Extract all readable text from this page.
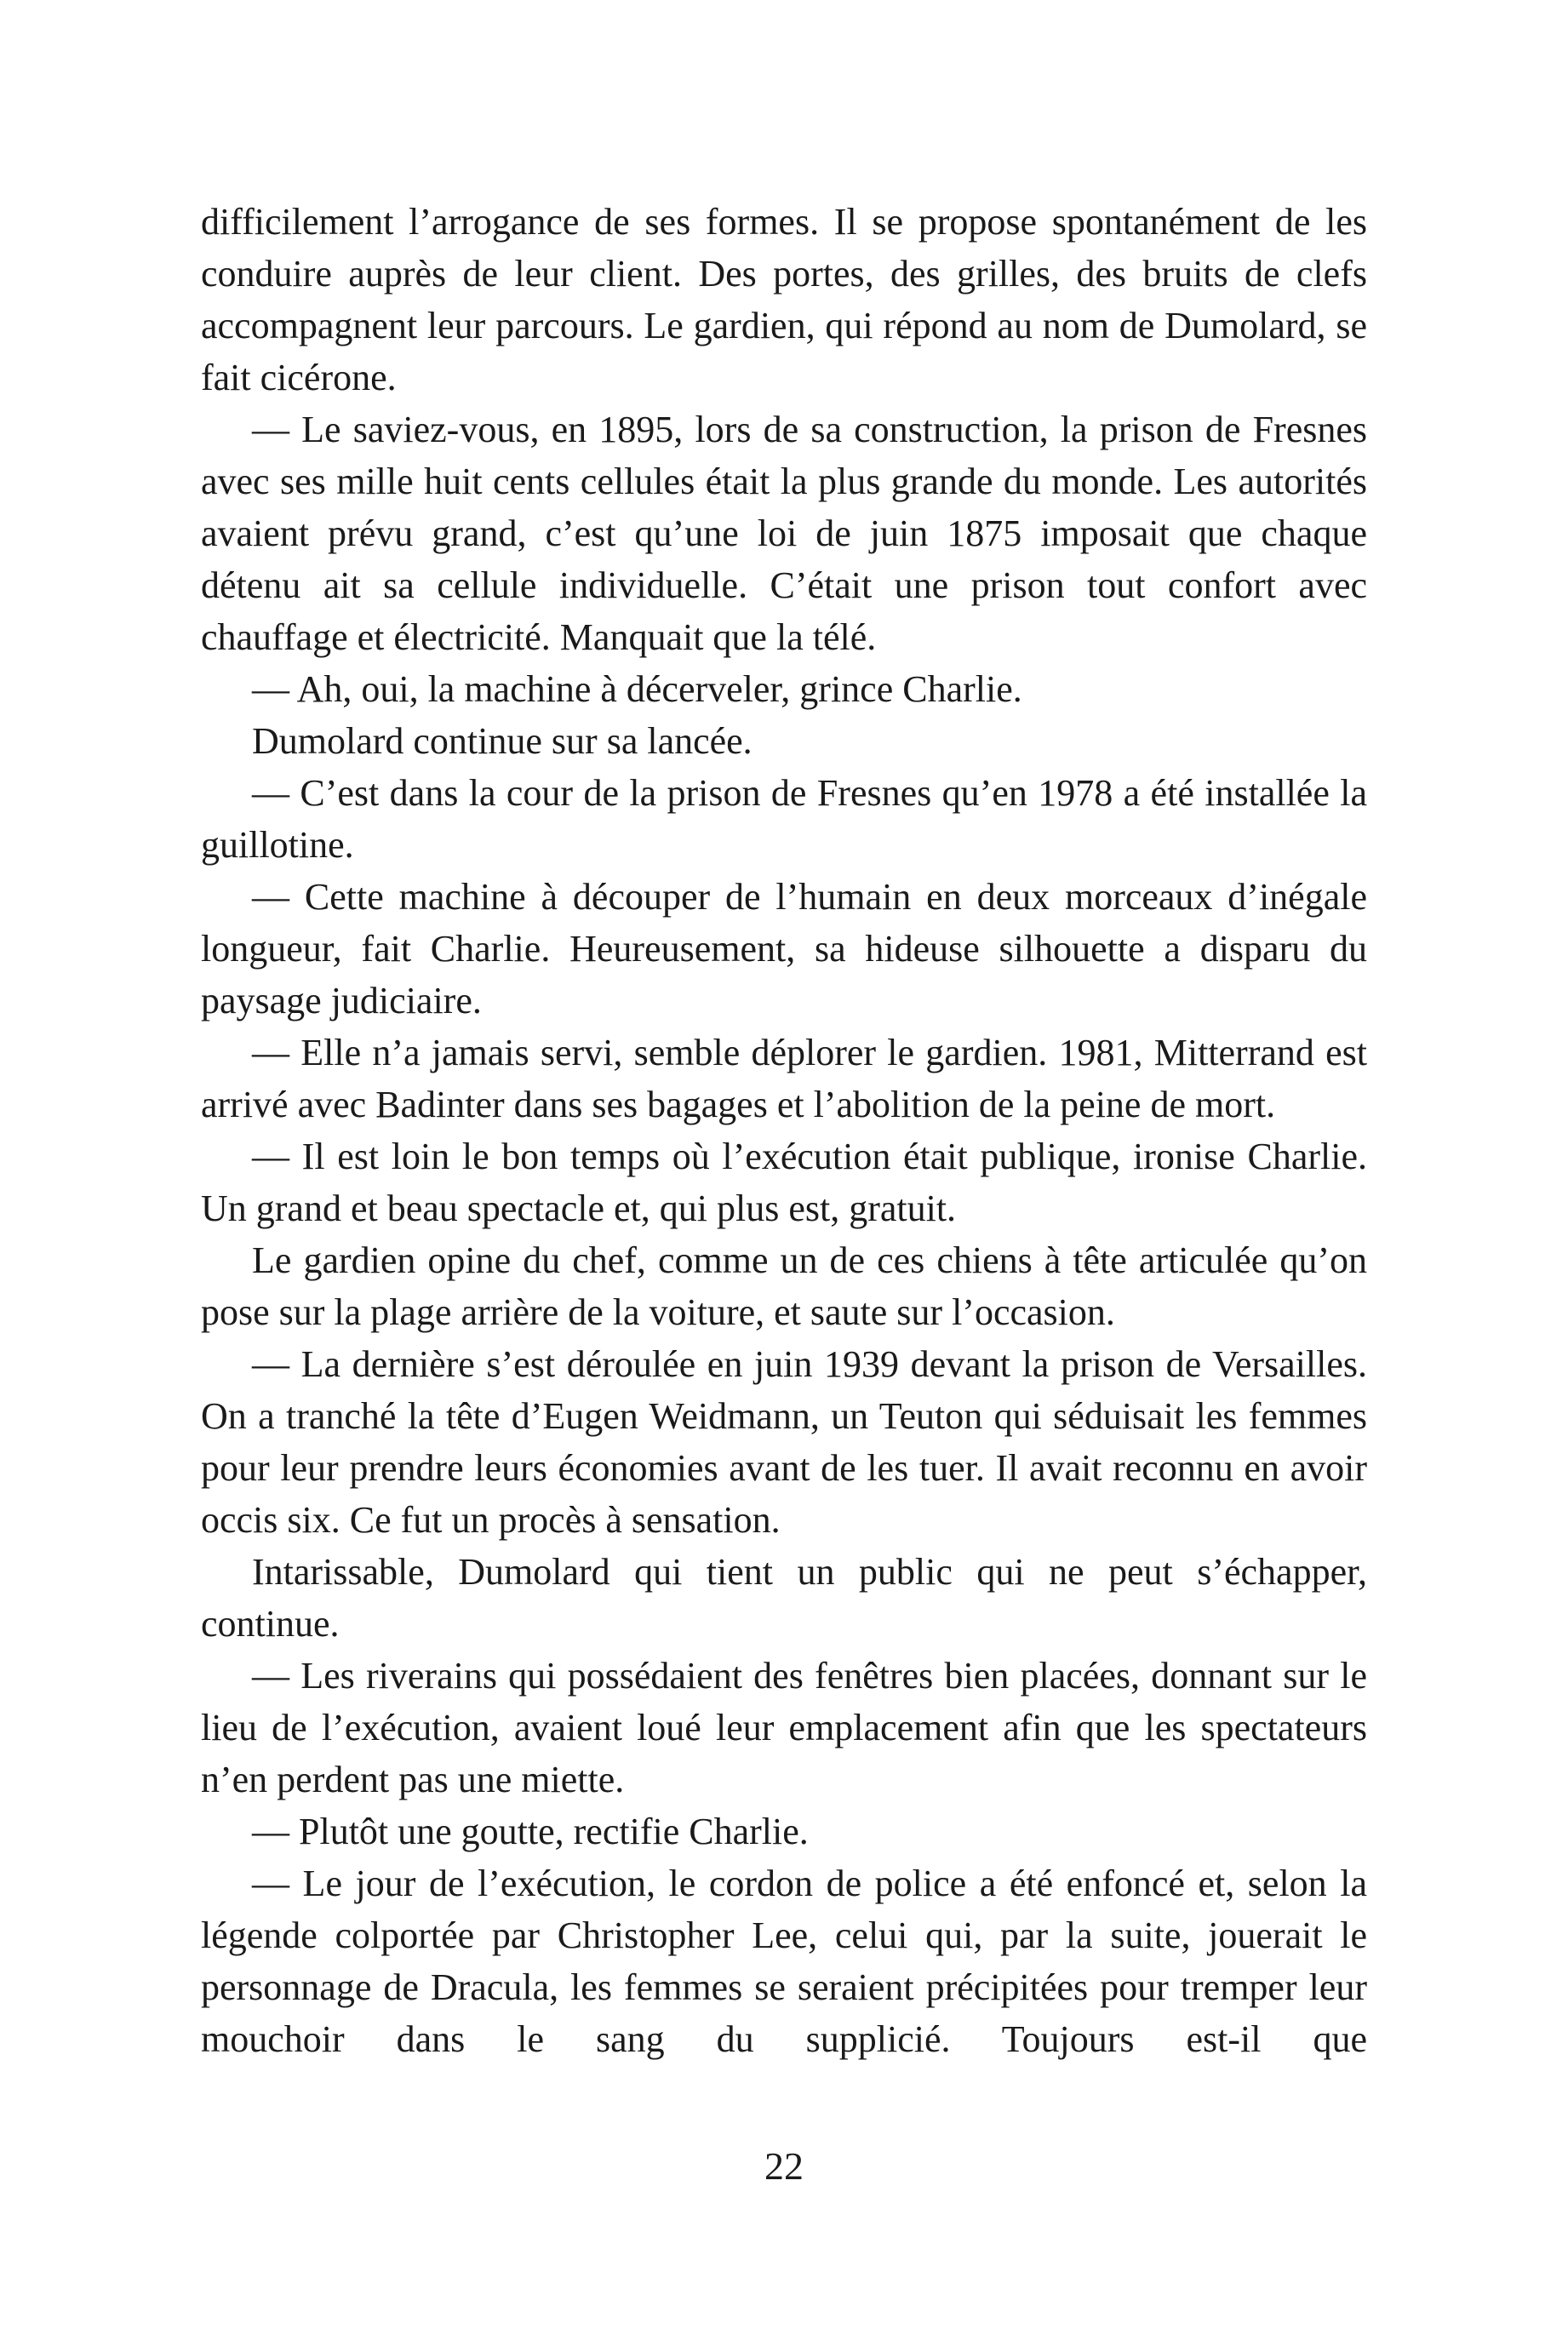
difficilement l’arrogance de ses formes. Il se propose spontanément de les conduire auprès de leur client. Des portes, des grilles, des bruits de clefs accompagnent leur parcours. Le gardien, qui répond au nom de Dumolard, se fait cicérone.

— Le saviez-vous, en 1895, lors de sa construction, la prison de Fresnes avec ses mille huit cents cellules était la plus grande du monde. Les autorités avaient prévu grand, c’est qu’une loi de juin 1875 imposait que chaque détenu ait sa cellule individuelle. C’était une prison tout confort avec chauffage et électricité. Manquait que la télé.

— Ah, oui, la machine à décerveler, grince Charlie.

Dumolard continue sur sa lancée.

— C’est dans la cour de la prison de Fresnes qu’en 1978 a été installée la guillotine.

— Cette machine à découper de l’humain en deux morceaux d’inégale longueur, fait Charlie. Heureusement, sa hideuse silhouette a disparu du paysage judiciaire.

— Elle n’a jamais servi, semble déplorer le gardien. 1981, Mitterrand est arrivé avec Badinter dans ses bagages et l’abolition de la peine de mort.

— Il est loin le bon temps où l’exécution était publique, ironise Charlie. Un grand et beau spectacle et, qui plus est, gratuit.

Le gardien opine du chef, comme un de ces chiens à tête articulée qu’on pose sur la plage arrière de la voiture, et saute sur l’occasion.

— La dernière s’est déroulée en juin 1939 devant la prison de Versailles. On a tranché la tête d’Eugen Weidmann, un Teuton qui séduisait les femmes pour leur prendre leurs économies avant de les tuer. Il avait reconnu en avoir occis six. Ce fut un procès à sensation.

Intarissable, Dumolard qui tient un public qui ne peut s’échapper, continue.

— Les riverains qui possédaient des fenêtres bien placées, donnant sur le lieu de l’exécution, avaient loué leur emplacement afin que les spectateurs n’en perdent pas une miette.

— Plutôt une goutte, rectifie Charlie.

— Le jour de l’exécution, le cordon de police a été enfoncé et, selon la légende colportée par Christopher Lee, celui qui, par la suite, jouerait le personnage de Dracula, les femmes se seraient précipitées pour tremper leur mouchoir dans le sang du supplicié. Toujours est-il que

22
